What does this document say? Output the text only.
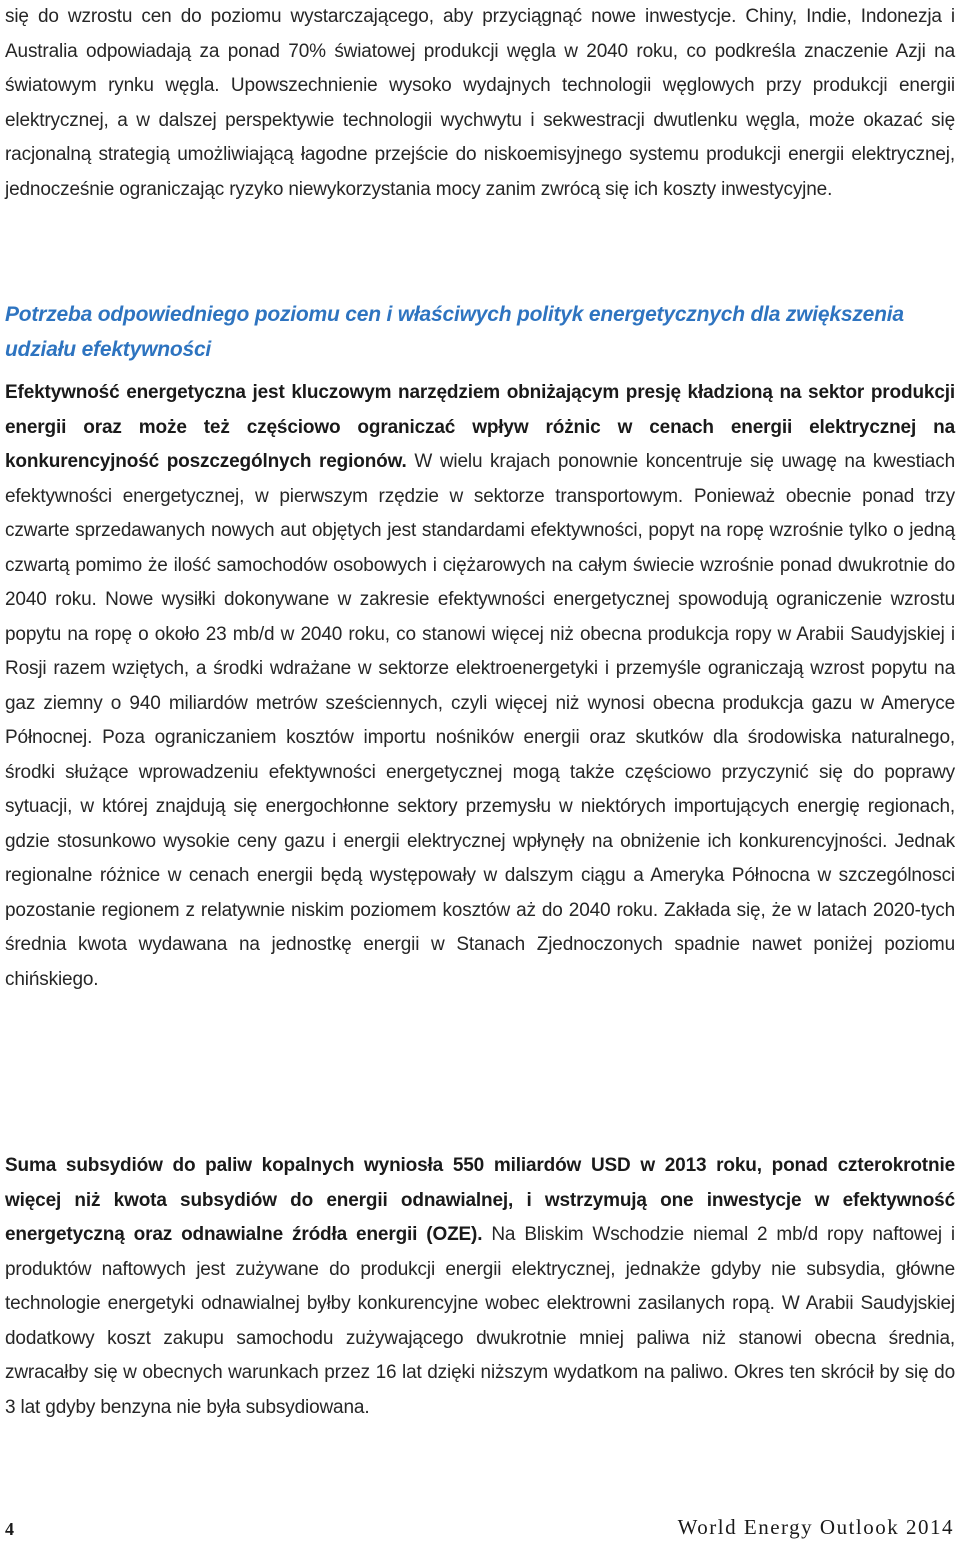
się do wzrostu cen do poziomu wystarczającego, aby przyciągnąć nowe inwestycje. Chiny, Indie, Indonezja i Australia odpowiadają za ponad 70% światowej produkcji węgla w 2040 roku, co podkreśla znaczenie Azji na światowym rynku węgla. Upowszechnienie wysoko wydajnych technologii węglowych przy produkcji energii elektrycznej, a w dalszej perspektywie technologii wychwytu i sekwestracji dwutlenku węgla, może okazać się racjonalną strategią umożliwiającą łagodne przejście do niskoemisyjnego systemu produkcji energii elektrycznej, jednocześnie ograniczając ryzyko niewykorzystania mocy zanim zwrócą się ich koszty inwestycyjne.

Potrzeba odpowiedniego poziomu cen i właściwych polityk energetycznych dla zwiększenia udziału efektywności

Efektywność energetyczna jest kluczowym narzędziem obniżającym presję kładzioną na sektor produkcji energii oraz może też częściowo ograniczać wpływ różnic w cenach energii elektrycznej na konkurencyjność poszczególnych regionów. W wielu krajach ponownie koncentruje się uwagę na kwestiach efektywności energetycznej, w pierwszym rzędzie w sektorze transportowym. Ponieważ obecnie ponad trzy czwarte sprzedawanych nowych aut objętych jest standardami efektywności, popyt na ropę wzrośnie tylko o jedną czwartą pomimo że ilość samochodów osobowych i ciężarowych na całym świecie wzrośnie ponad dwukrotnie do 2040 roku. Nowe wysiłki dokonywane w zakresie efektywności energetycznej spowodują ograniczenie wzrostu popytu na ropę o około 23 mb/d w 2040 roku, co stanowi więcej niż obecna produkcja ropy w Arabii Saudyjskiej i Rosji razem wziętych, a środki wdrażane w sektorze elektroenergetyki i przemyśle ograniczają wzrost popytu na gaz ziemny o 940 miliardów metrów sześciennych, czyli więcej niż wynosi obecna produkcja gazu w Ameryce Północnej. Poza ograniczaniem kosztów importu nośników energii oraz skutków dla środowiska naturalnego, środki służące wprowadzeniu efektywności energetycznej mogą także częściowo przyczynić się do poprawy sytuacji, w której znajdują się energochłonne sektory przemysłu w niektórych importujących energię regionach, gdzie stosunkowo wysokie ceny gazu i energii elektrycznej wpłynęły na obniżenie ich konkurencyjności. Jednak regionalne różnice w cenach energii będą występowały w dalszym ciągu a Ameryka Północna w szczególnosci pozostanie regionem z relatywnie niskim poziomem kosztów aż do 2040 roku. Zakłada się, że w latach 2020-tych średnia kwota wydawana na jednostkę energii w Stanach Zjednoczonych spadnie nawet poniżej poziomu chińskiego.

Suma subsydiów do paliw kopalnych wyniosła 550 miliardów USD w 2013 roku, ponad czterokrotnie więcej niż kwota subsydiów do energii odnawialnej, i wstrzymują one inwestycje w efektywność energetyczną oraz odnawialne źródła energii (OZE). Na Bliskim Wschodzie niemal 2 mb/d ropy naftowej i produktów naftowych jest zużywane do produkcji energii elektrycznej, jednakże gdyby nie subsydia, główne technologie energetyki odnawialnej byłby konkurencyjne wobec elektrowni zasilanych ropą. W Arabii Saudyjskiej dodatkowy koszt zakupu samochodu zużywającego dwukrotnie mniej paliwa niż stanowi obecna średnia, zwracałby się w obecnych warunkach przez 16 lat dzięki niższym wydatkom na paliwo. Okres ten skrócił by się do 3 lat gdyby benzyna nie była subsydiowana.

4	World Energy Outlook 2014
